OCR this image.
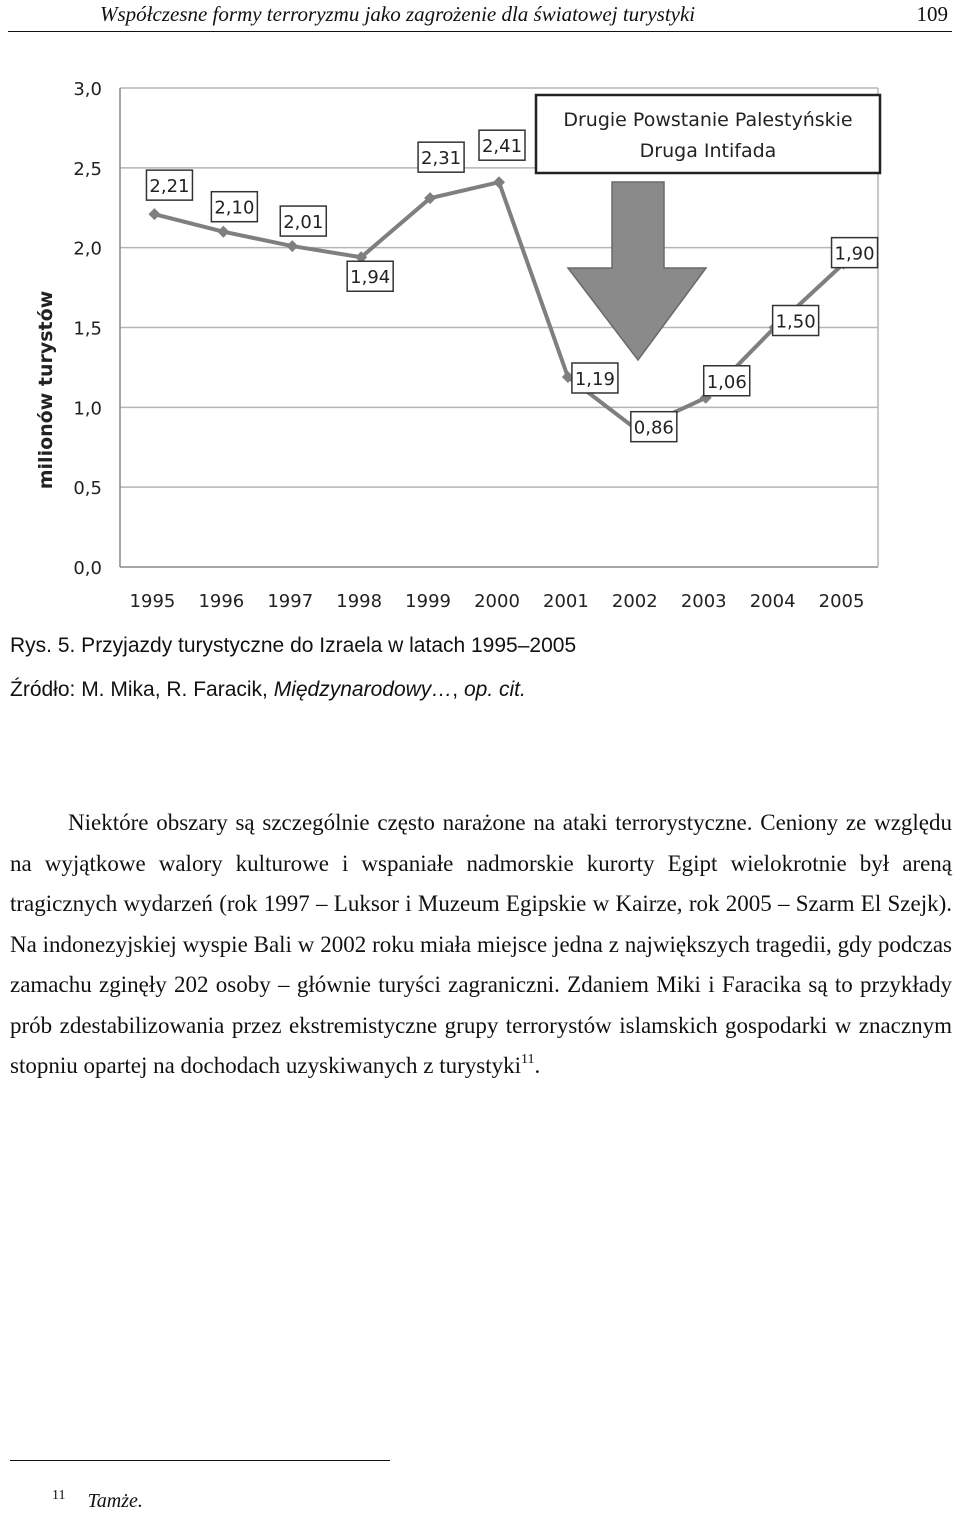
Współczesne formy terroryzmu jako zagrożenie dla światowej turystyki	109
0,0
0,5
1,0
1,5
2,0
2,5
3,0
1995 1996 1997 1998 1999 2000 2001 2002 2003 2004 2005
milionów turystów
Drugie Powstanie Palestyńskie
Druga Intifada
2,21
2,10
2,01
1,94
2,31
2,41
1,19
0,86
1,06
1,50
1,90
Rys. 5. Przyjazdy turystyczne do Izraela w latach 1995–2005
Źródło: M. Mika, R. Faracik, Międzynarodowy…, op. cit.

Niektóre obszary są szczególnie często narażone na ataki terrorystyczne. Ceniony ze względu na wyjątkowe walory kulturowe i wspaniałe nadmorskie kurorty Egipt wielokrotnie był areną tragicznych wydarzeń (rok 1997 – Luksor i Muzeum Egipskie w Kairze, rok 2005 – Szarm El Szejk). Na indonezyjskiej wyspie Bali w 2002 roku miała miejsce jedna z największych tragedii, gdy podczas zamachu zginęły 202 osoby – głównie turyści zagraniczni. Zdaniem Miki i Faracika są to przykłady prób zdestabilizowania przez ekstremistyczne grupy terrorystów islamskich gospodarki w znacznym stopniu opartej na dochodach uzyskiwanych z turystyki$^{11}$.

$^{11}$ Tamże.
